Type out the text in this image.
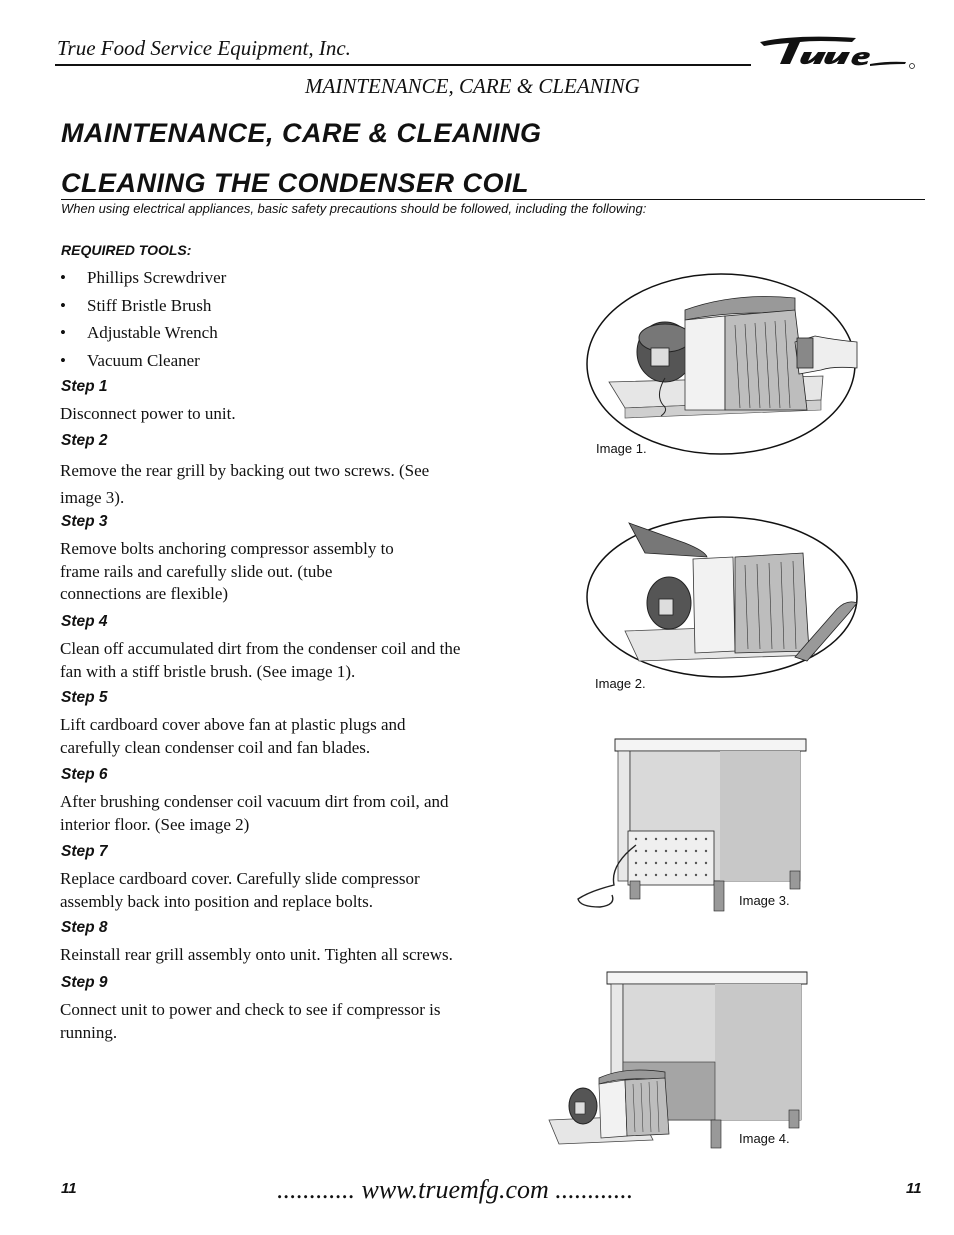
True Food Service Equipment, Inc.
MAINTENANCE, CARE & CLEANING
MAINTENANCE, CARE & CLEANING
CLEANING THE CONDENSER COIL
When using electrical appliances, basic safety precautions should be followed, including the following:
REQUIRED TOOLS:
• Phillips Screwdriver
• Stiff Bristle Brush
• Adjustable Wrench
• Vacuum Cleaner
Step 1
Disconnect power to unit.
Step 2
Remove the rear grill by backing out two screws. (See image 3).
Step 3
Remove bolts anchoring compressor assembly to frame rails and carefully slide out. (tube connections are flexible)
Step 4
Clean off accumulated dirt from the condenser coil and the fan with a stiff bristle brush. (See image 1).
Step 5
Lift cardboard cover above fan at plastic plugs and carefully clean condenser coil and fan blades.
Step 6
After brushing condenser coil vacuum dirt from coil, and interior floor. (See image 2)
Step 7
Replace cardboard cover. Carefully slide compressor assembly back into position and replace bolts.
Step 8
Reinstall rear grill assembly onto unit. Tighten all screws.
Step 9
Connect unit to power and check to see if compressor is running.
Image 1.
Image 2.
Image 3.
Image 4.
11	............ www.truemfg.com ............	11
